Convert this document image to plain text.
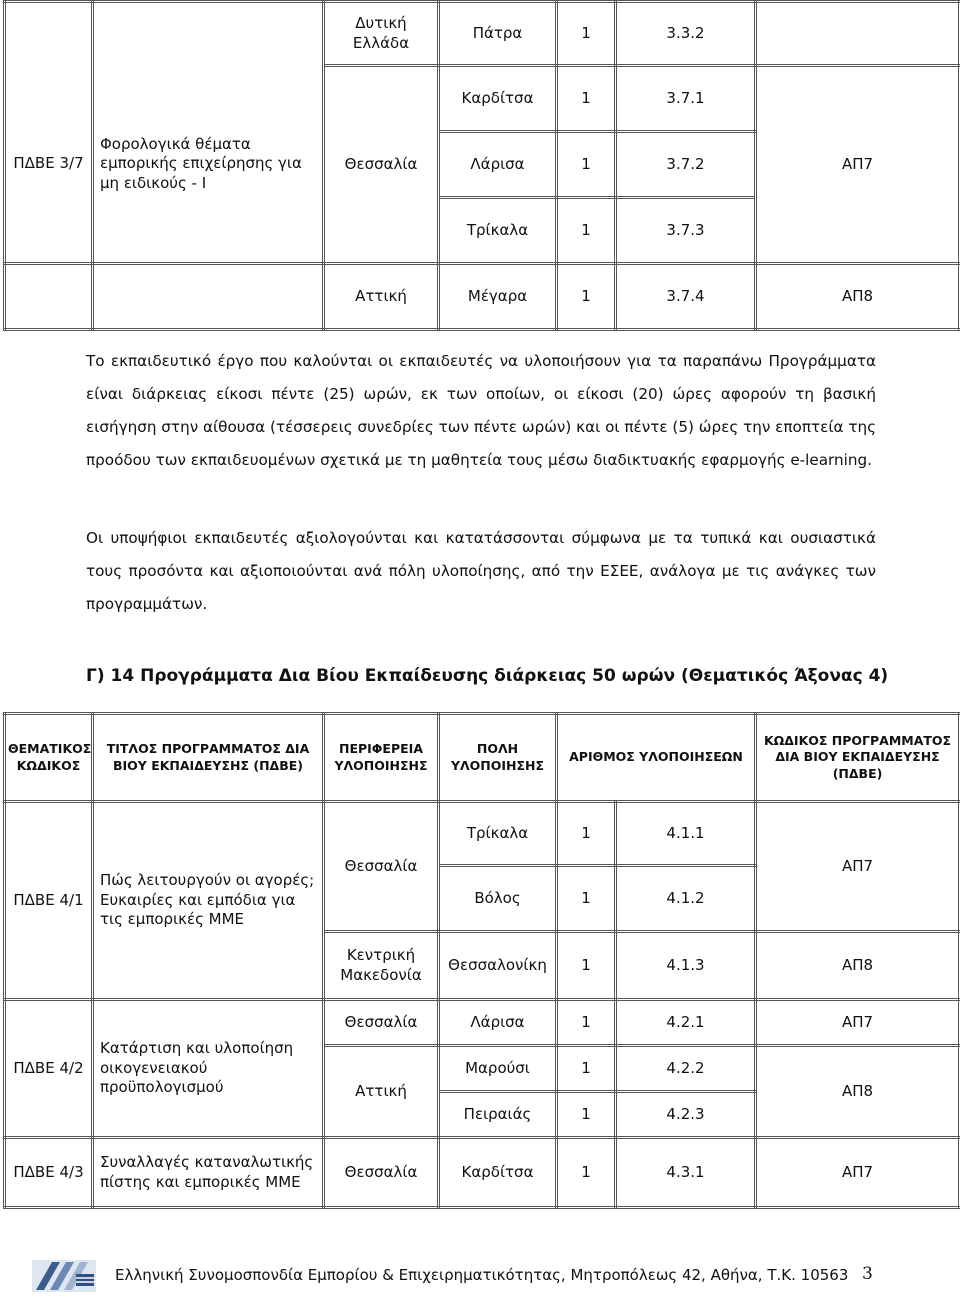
		Δυτική Ελλάδα	Πάτρα	1	3.3.2	
ΠΔΒΕ 3/7	Φορολογικά θέματα εμπορικής επιχείρησης για μη ειδικούς - Ι	Θεσσαλία	Καρδίτσα	1	3.7.1	ΑΠ7
			Λάρισα	1	3.7.2	
			Τρίκαλα	1	3.7.3	
		Αττική	Μέγαρα	1	3.7.4	ΑΠ8

Το εκπαιδευτικό έργο που καλούνται οι εκπαιδευτές να υλοποιήσουν για τα παραπάνω Προγράμματα είναι διάρκειας είκοσι πέντε (25) ωρών, εκ των οποίων, οι είκοσι (20) ώρες αφορούν τη βασική εισήγηση στην αίθουσα (τέσσερεις συνεδρίες των πέντε ωρών) και οι πέντε (5) ώρες την εποπτεία της προόδου των εκπαιδευομένων σχετικά με τη μαθητεία τους μέσω διαδικτυακής εφαρμογής e-learning.

Οι υποψήφιοι εκπαιδευτές αξιολογούνται και κατατάσσονται σύμφωνα με τα τυπικά και ουσιαστικά τους προσόντα και αξιοποιούνται ανά πόλη υλοποίησης, από την ΕΣΕΕ, ανάλογα με τις ανάγκες των προγραμμάτων.

Γ) 14 Προγράμματα Δια Βίου Εκπαίδευσης διάρκειας 50 ωρών (Θεματικός Άξονας 4)

ΘΕΜΑΤΙΚΟΣ ΚΩΔΙΚΟΣ	ΤΙΤΛΟΣ ΠΡΟΓΡΑΜΜΑΤΟΣ ΔΙΑ ΒΙΟΥ ΕΚΠΑΙΔΕΥΣΗΣ (ΠΔΒΕ)	ΠΕΡΙΦΕΡΕΙΑ ΥΛΟΠΟΙΗΣΗΣ	ΠΟΛΗ ΥΛΟΠΟΙΗΣΗΣ	ΑΡΙΘΜΟΣ ΥΛΟΠΟΙΗΣΕΩΝ	ΚΩΔΙΚΟΣ ΠΡΟΓΡΑΜΜΑΤΟΣ ΔΙΑ ΒΙΟΥ ΕΚΠΑΙΔΕΥΣΗΣ (ΠΔΒΕ)
ΠΔΒΕ 4/1	Πώς λειτουργούν οι αγορές; Ευκαιρίες και εμπόδια για τις εμπορικές ΜΜΕ	Θεσσαλία	Τρίκαλα	1	4.1.1	ΑΠ7
			Βόλος	1	4.1.2	
		Κεντρική Μακεδονία	Θεσσαλονίκη	1	4.1.3	ΑΠ8
ΠΔΒΕ 4/2	Κατάρτιση και υλοποίηση οικογενειακού προϋπολογισμού	Θεσσαλία	Λάρισα	1	4.2.1	ΑΠ7
		Αττική	Μαρούσι	1	4.2.2	ΑΠ8
			Πειραιάς	1	4.2.3	
ΠΔΒΕ 4/3	Συναλλαγές καταναλωτικής πίστης και εμπορικές ΜΜΕ	Θεσσαλία	Καρδίτσα	1	4.3.1	ΑΠ7
Ελληνική Συνομοσπονδία Εμπορίου & Επιχειρηματικότητας, Μητροπόλεως 42, Αθήνα, Τ.Κ. 10563 3
